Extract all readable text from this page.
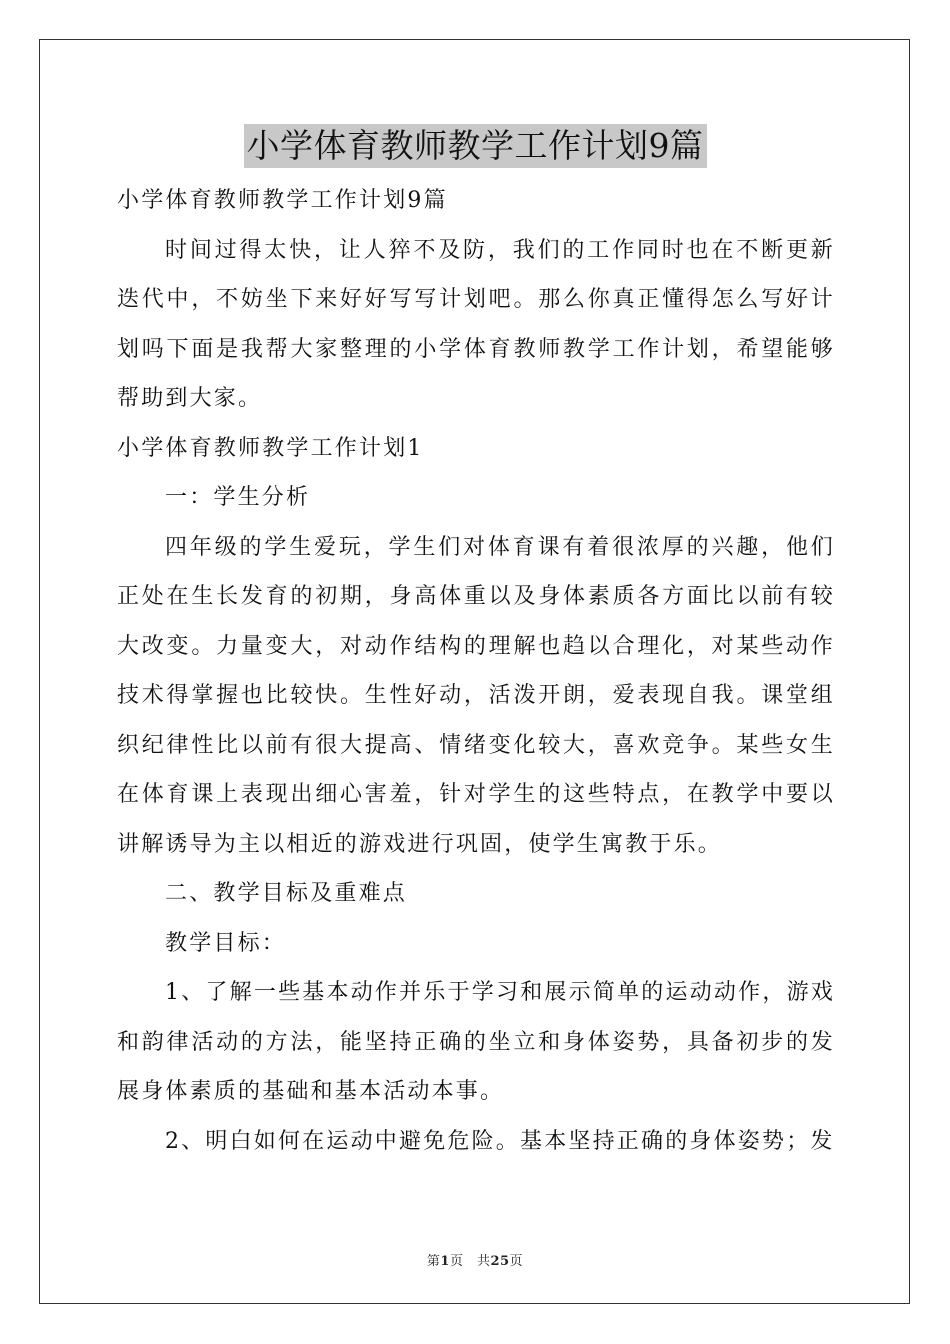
小学体育教师教学工作计划9篇

小学体育教师教学工作计划9篇

时间过得太快，让人猝不及防，我们的工作同时也在不断更新迭代中，不妨坐下来好好写写计划吧。那么你真正懂得怎么写好计划吗下面是我帮大家整理的小学体育教师教学工作计划，希望能够帮助到大家。

小学体育教师教学工作计划1

一：学生分析

四年级的学生爱玩，学生们对体育课有着很浓厚的兴趣，他们正处在生长发育的初期，身高体重以及身体素质各方面比以前有较大改变。力量变大，对动作结构的理解也趋以合理化，对某些动作技术得掌握也比较快。生性好动，活泼开朗，爱表现自我。课堂组织纪律性比以前有很大提高、情绪变化较大，喜欢竞争。某些女生在体育课上表现出细心害羞，针对学生的这些特点，在教学中要以讲解诱导为主以相近的游戏进行巩固，使学生寓教于乐。

二、教学目标及重难点

教学目标：

1、了解一些基本动作并乐于学习和展示简单的运动动作，游戏和韵律活动的方法，能坚持正确的坐立和身体姿势，具备初步的发展身体素质的基础和基本活动本事。

2、明白如何在运动中避免危险。基本坚持正确的身体姿势；发

第1页　共25页
